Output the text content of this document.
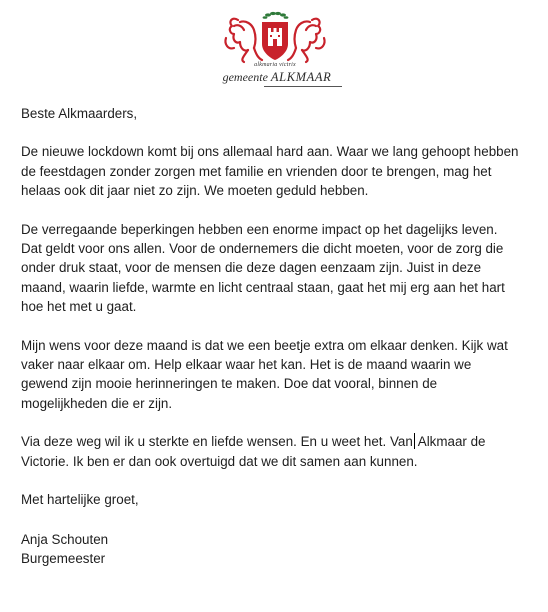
alkmaria victrix
gemeente ALKMAAR

Beste Alkmaarders,

De nieuwe lockdown komt bij ons allemaal hard aan. Waar we lang gehoopt hebben de feestdagen zonder zorgen met familie en vrienden door te brengen, mag het helaas ook dit jaar niet zo zijn. We moeten geduld hebben.

De verregaande beperkingen hebben een enorme impact op het dagelijks leven. Dat geldt voor ons allen. Voor de ondernemers die dicht moeten, voor de zorg die onder druk staat, voor de mensen die deze dagen eenzaam zijn. Juist in deze maand, waarin liefde, warmte en licht centraal staan, gaat het mij erg aan het hart hoe het met u gaat.

Mijn wens voor deze maand is dat we een beetje extra om elkaar denken. Kijk wat vaker naar elkaar om. Help elkaar waar het kan. Het is de maand waarin we gewend zijn mooie herinneringen te maken. Doe dat vooral, binnen de mogelijkheden die er zijn.

Via deze weg wil ik u sterkte en liefde wensen. En u weet het. Van Alkmaar de Victorie. Ik ben er dan ook overtuigd dat we dit samen aan kunnen.

Met hartelijke groet,

Anja Schouten

Burgemeester
